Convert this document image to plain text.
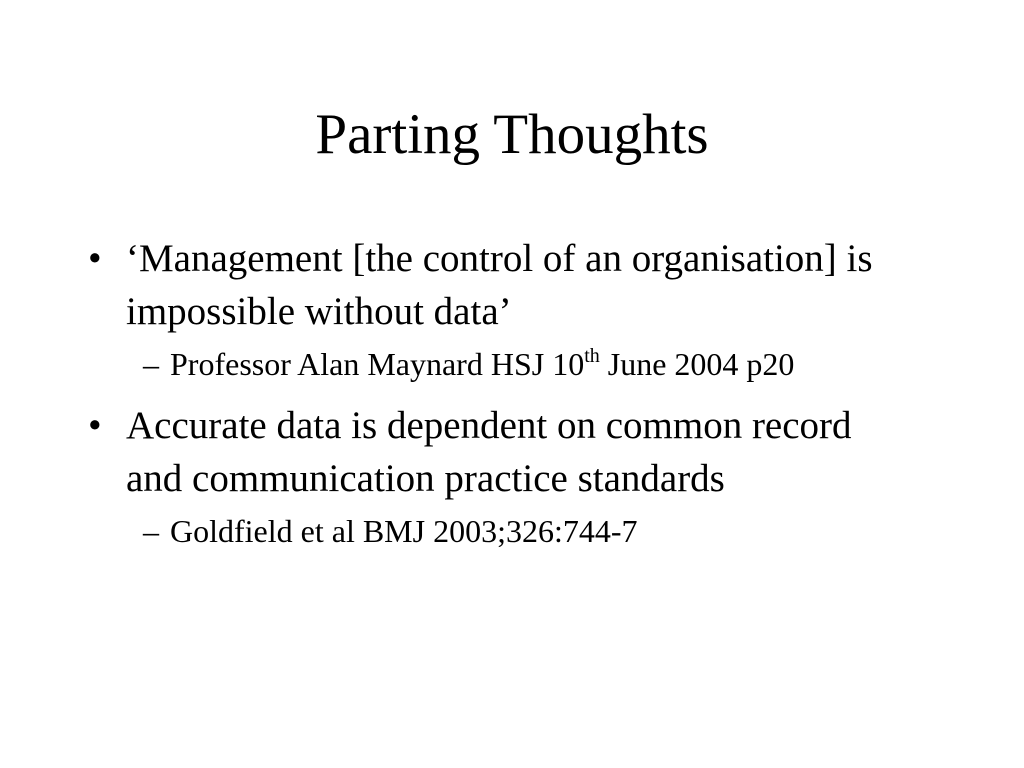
Parting Thoughts
• ‘Management [the control of an organisation] is impossible without data’
– Professor Alan Maynard HSJ 10th June 2004 p20
• Accurate data is dependent on common record and communication practice standards
– Goldfield et al BMJ 2003;326:744-7
